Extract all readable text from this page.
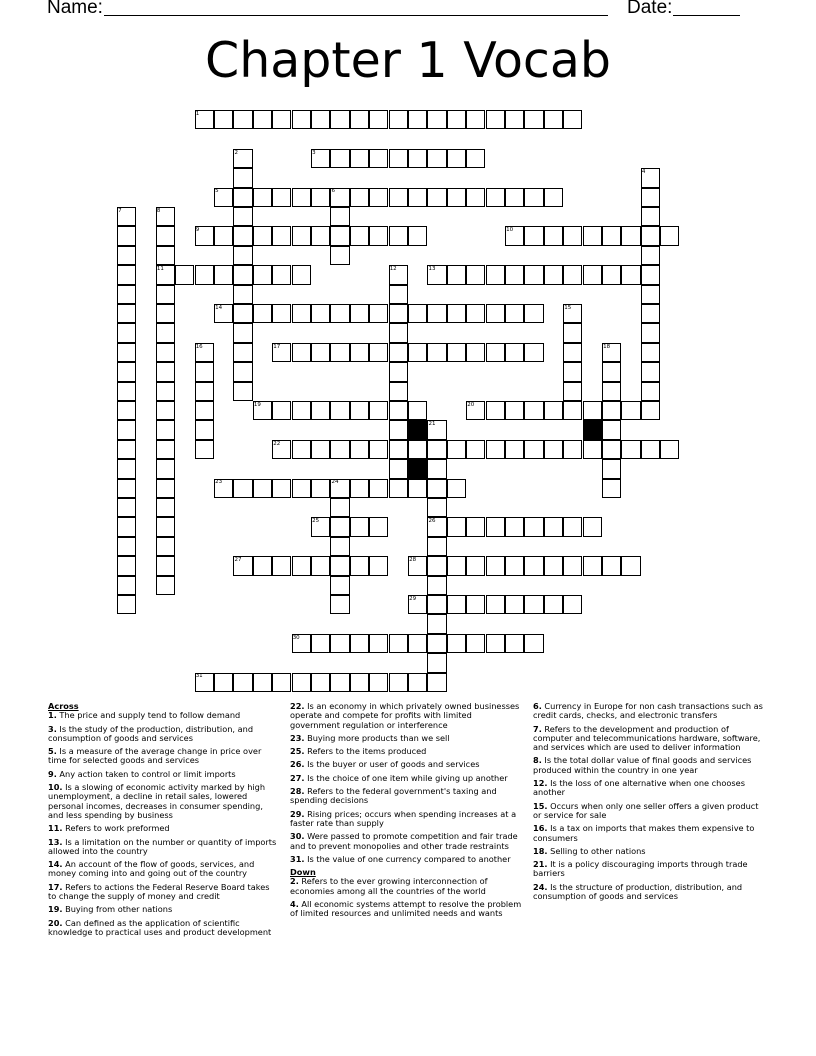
Name:	Date:
Chapter 1 Vocab
1
2	3
4
5	6
7	8
9	10
11	12	13
14	15
16	17	18
19	20
21
22
23	24
25	26
27	28
29
30
31
Across
1. The price and supply tend to follow demand
3. Is the study of the production, distribution, and consumption of goods and services
5. Is a measure of the average change in price over time for selected goods and services
9. Any action taken to control or limit imports
10. Is a slowing of economic activity marked by high unemployment, a decline in retail sales, lowered personal incomes, decreases in consumer spending, and less spending by business
11. Refers to work preformed
13. Is a limitation on the number or quantity of imports allowed into the country
14. An account of the flow of goods, services, and money coming into and going out of the country
17. Refers to actions the Federal Reserve Board takes to change the supply of money and credit
19. Buying from other nations
20. Can defined as the application of scientific knowledge to practical uses and product development
22. Is an economy in which privately owned businesses operate and compete for profits with limited government regulation or interference
23. Buying more products than we sell
25. Refers to the items produced
26. Is the buyer or user of goods and services
27. Is the choice of one item while giving up another
28. Refers to the federal government's taxing and spending decisions
29. Rising prices; occurs when spending increases at a faster rate than supply
30. Were passed to promote competition and fair trade and to prevent monopolies and other trade restraints
31. Is the value of one currency compared to another
Down
2. Refers to the ever growing interconnection of economies among all the countries of the world
4. All economic systems attempt to resolve the problem of limited resources and unlimited needs and wants
6. Currency in Europe for non cash transactions such as credit cards, checks, and electronic transfers
7. Refers to the development and production of computer and telecommunications hardware, software, and services which are used to deliver information
8. Is the total dollar value of final goods and services produced within the country in one year
12. Is the loss of one alternative when one chooses another
15. Occurs when only one seller offers a given product or service for sale
16. Is a tax on imports that makes them expensive to consumers
18. Selling to other nations
21. It is a policy discouraging imports through trade barriers
24. Is the structure of production, distribution, and consumption of goods and services
